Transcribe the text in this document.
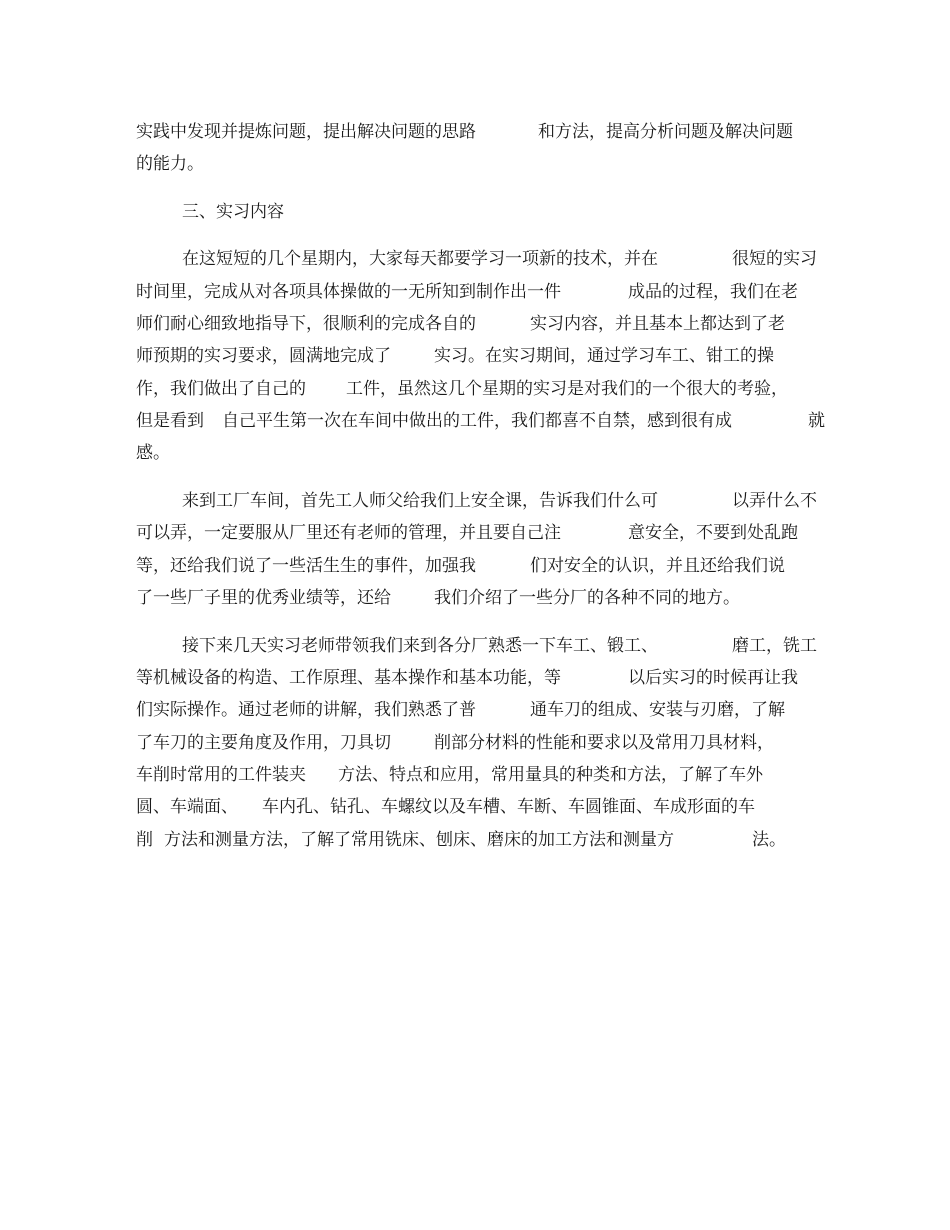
实践中发现并提炼问题，提出解决问题的思路

	和方法，提高分析问题及解决问题

的能力。

三、实习内容

在这短短的几个星期内，大家每天都要学习一项新的技术，并在

	很短的实习

时间里，完成从对各项具体操做的一无所知到制作出一件

	成品的过程，我们在老

师们耐心细致地指导下，很顺利的完成各自的

	实习内容，并且基本上都达到了老

师预期的实习要求，圆满地完成了

	实习。在实习期间，通过学习车工、钳工的操

作，我们做出了自己的

工件，虽然这几个星期的实习是对我们的一个很大的考验，

但是看到

自己平生第一次在车间中做出的工件，我们都喜不自禁，感到很有成

	就

感。

来到工厂车间，首先工人师父给我们上安全课，告诉我们什么可

	以弄什么不

可以弄，一定要服从厂里还有老师的管理，并且要自己注

	意安全，不要到处乱跑

等，还给我们说了一些活生生的事件，加强我

	们对安全的认识，并且还给我们说

了一些厂子里的优秀业绩等，还给

	我们介绍了一些分厂的各种不同的地方。

接下来几天实习老师带领我们来到各分厂熟悉一下车工、锻工、

	磨工，铣工

等机械设备的构造、工作原理、基本操作和基本功能，等

	以后实习的时候再让我

们实际操作。通过老师的讲解，我们熟悉了普

	通车刀的组成、安装与刃磨，了解

了车刀的主要角度及作用，刀具切

	削部分材料的性能和要求以及常用刀具材料，

车削时常用的工件装夹

方法、特点和应用，常用量具的种类和方法，了解了车外

圆、车端面、

车内孔、钻孔、车螺纹以及车槽、车断、车圆锥面、车成形面的车

削

方法和测量方法，了解了常用铣床、刨床、磨床的加工方法和测量方

	法。
